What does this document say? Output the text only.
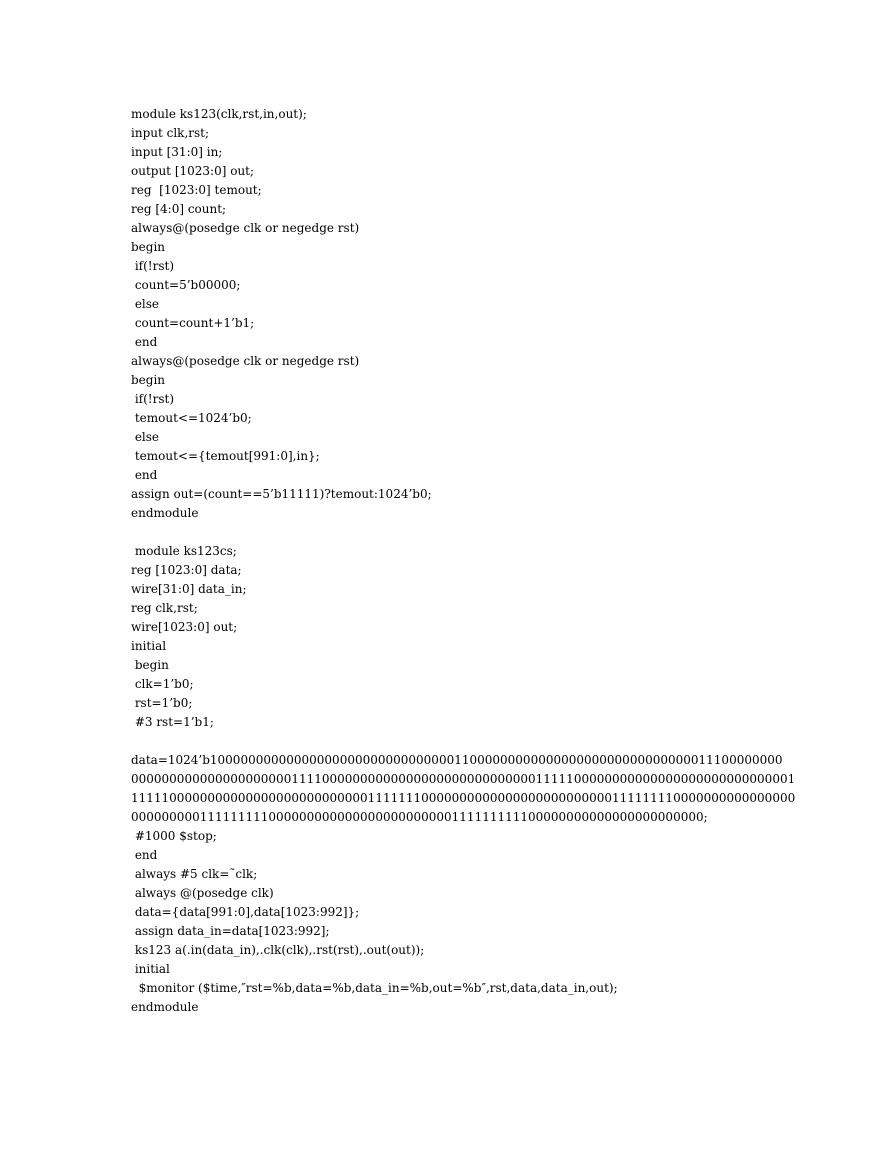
module ks123(clk,rst,in,out);
input clk,rst;
input [31:0] in;
output [1023:0] out;
reg  [1023:0] temout;
reg [4:0] count;
always@(posedge clk or negedge rst)
begin
if(!rst)
count=5’b00000;
else
count=count+1’b1;
end
always@(posedge clk or negedge rst)
begin
if(!rst)
temout<=1024’b0;
else
temout<={temout[991:0],in};
end
assign out=(count==5’b11111)?temout:1024’b0;
endmodule
module ks123cs;
reg [1023:0] data;
wire[31:0] data_in;
reg clk,rst;
wire[1023:0] out;
initial
begin
clk=1’b0;
rst=1’b0;
#3 rst=1’b1;
data=1024’b100000000000000000000000000000001100000000000000000000000000000011100000000
000000000000000000000111100000000000000000000000000001111100000000000000000000000000001
111110000000000000000000000000011111110000000000000000000000000111111110000000000000000
000000000111111111000000000000000000000000111111111100000000000000000000000;
#1000 $stop;
end
always #5 clk=˜clk;
always @(posedge clk)
data={data[991:0],data[1023:992]};
assign data_in=data[1023:992];
ks123 a(.in(data_in),.clk(clk),.rst(rst),.out(out));
initial
$monitor ($time,″rst=%b,data=%b,data_in=%b,out=%b″,rst,data,data_in,out);
endmodule
